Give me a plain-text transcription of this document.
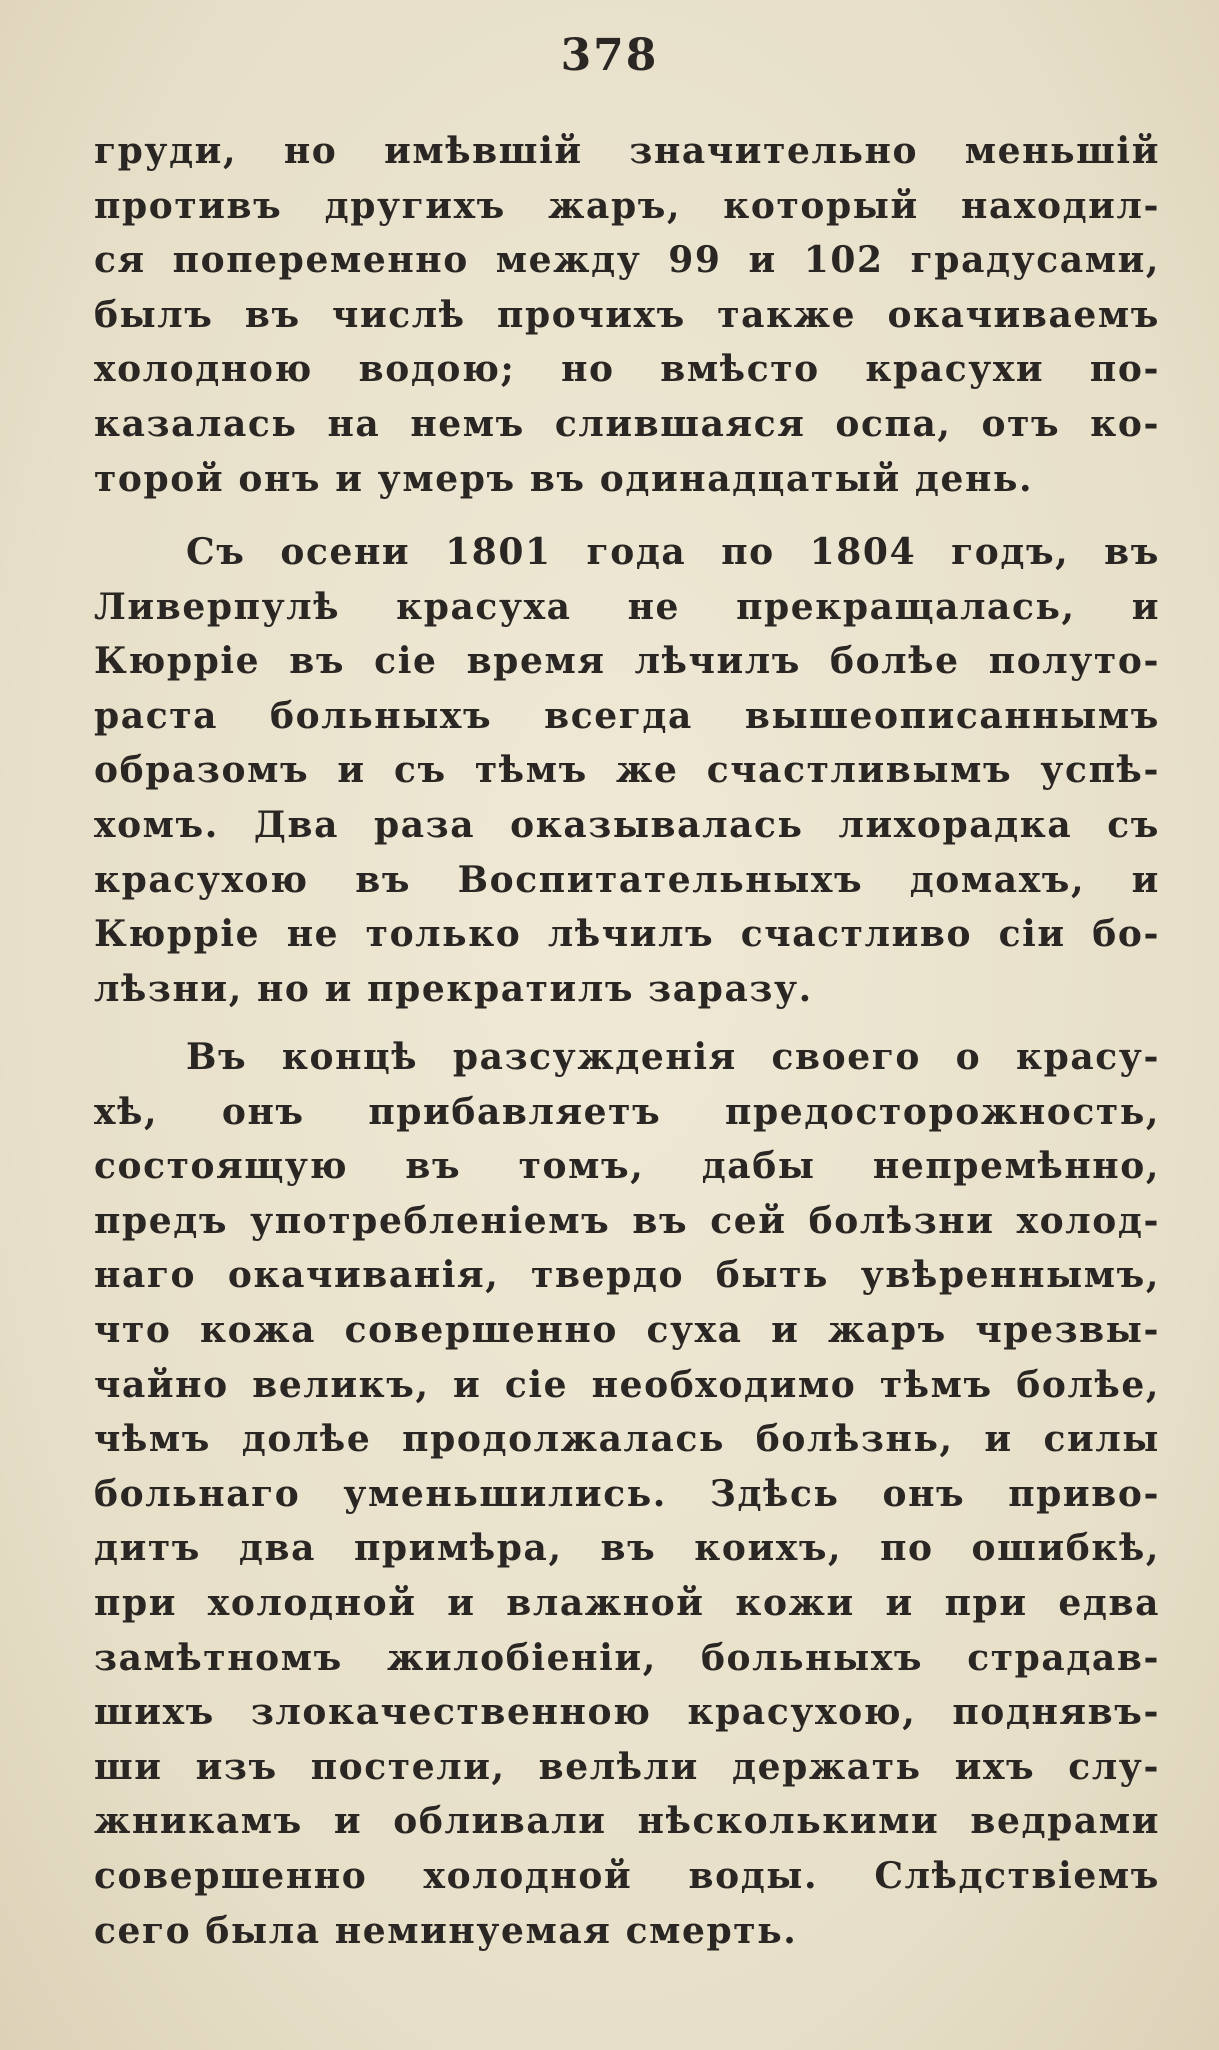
378
груди, но имѣвшій значительно меньшій
противъ другихъ жаръ, который находил-
ся попеременно между 99 и 102 градусами,
былъ въ числѣ прочихъ также окачиваемъ
холодною водою; но вмѣсто красухи по-
казалась на немъ слившаяся оспа, отъ ко-
торой онъ и умеръ въ одинадцатый день.
Съ осени 1801 года по 1804 годъ, въ
Ливерпулѣ красуха не прекращалась, и
Кюрріе въ сіе время лѣчилъ болѣе полуто-
раста больныхъ всегда вышеописаннымъ
образомъ и съ тѣмъ же счастливымъ успѣ-
хомъ. Два раза оказывалась лихорадка съ
красухою въ Воспитательныхъ домахъ, и
Кюрріе не только лѣчилъ счастливо сіи бо-
лѣзни, но и прекратилъ заразу.
Въ концѣ разсужденія своего о красу-
хѣ, онъ прибавляетъ предосторожность,
состоящую въ томъ, дабы непремѣнно,
предъ употребленіемъ въ сей болѣзни холод-
наго окачиванія, твердо быть увѣреннымъ,
что кожа совершенно суха и жаръ чрезвы-
чайно великъ, и сіе необходимо тѣмъ болѣе,
чѣмъ долѣе продолжалась болѣзнь, и силы
больнаго уменьшились. Здѣсь онъ приво-
дитъ два примѣра, въ коихъ, по ошибкѣ,
при холодной и влажной кожи и при едва
замѣтномъ жилобіеніи, больныхъ страдав-
шихъ злокачественною красухою, поднявъ-
ши изъ постели, велѣли держать ихъ слу-
жникамъ и обливали нѣсколькими ведрами
совершенно холодной воды. Слѣдствіемъ
сего была неминуемая смерть.
